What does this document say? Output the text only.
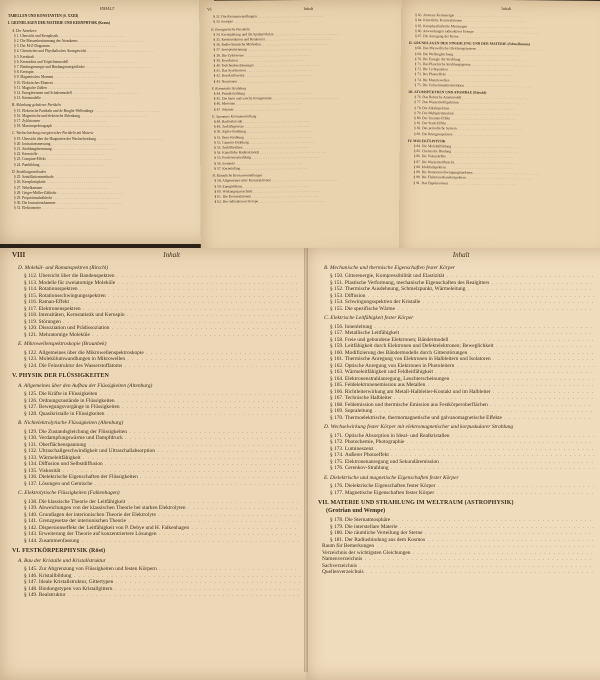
INHALT
TABELLEN UND KONSTANTEN (S. XXIII)
I. GRUNDLAGEN DER MATERIE UND KERNPHYSIK (Kraus)
A. Der Atomkern
§ 1. Übersicht und Kernphysik . . .
§ 2. Die Massenbestimmung des Atomkerns . . .
§ 3. Der M-Z-Diagramm . . .
§ 4. Chemisches und Physikalisches Atomgewicht . . .
§ 5. Kernkraft . . .
§ 6. Kernradius und Tröpfchenmodell . . .
§ 7. Bindungsenergie und Bindungsenergiefläche . . .
§ 8. Kernspin . . .
§ 9. Magnetisches Moment . . .
§ 10. Elektrisches Moment . . .
§ 11. Magische Zahlen . . .
§ 12. Energietermen und Schalenmodell . . .
§ 13. Kernmodelle . . .
B. Ablenkung geladener Partikeln
§ 15. Elektrische Partikeln und de Broglie-Wellenlänge . . .
§ 16. Magnetische und elektrische Ablenkung . . .
§ 17. Zyklotronen . . .
§ 18. Massenspektrograph . . .
C. Wechselwirkung energiereicher Partikeln mit Materie
§ 19. Übersicht über die Hauptarten der Wechselwirkung . . .
§ 20. Ionisationsmessung . . .
§ 21. Strahlungsbremsung . . .
§ 22. Kernstoffe . . .
§ 23. Compton-Effekt . . .
§ 24. Paarbildung . . .
D. Strahlungsmethoden
§ 25. Szintillationsmethode . . .
§ 26. Kernphotoplatte . . .
§ 27. Nebelkammer . . .
§ 28. Geiger-Müller-Zählrohr . . .
§ 29. Proportionalzählrohr . . .
§ 30. Die Ionisationskammer . . .
§ 31. Elektrometer . . .
VI	Inhalt
§ 32. Die Kernumwandlungen . . .
§ 33. Isotopie . . .
E. Energiereiche Partikeln
§ 34. Kernspaltung und die Spaltprodukte . . .
§ 35. Kettenreaktion und Reaktoren . . .
§ 36. Radiochemische Methoden . . .
§ 37. Isotopentrennung . . .
§ 38. Die Zyklotrone . . .
§ 39. Kernfusion . . .
§ 40. Teilchenbeschleuniger . . .
§ 41. Das Synchrotron . . .
§ 42. Kernkraftwerke . . .
§ 43. Neutronen . . .
F. Kosmische Strahlung
§ 44. Primärstrahlung . . .
§ 45. Die harte und weiche Komponente . . .
§ 46. Mesonen . . .
§ 47. Schauer . . .
G. Spontane Kernumwandlung
§ 48. Radioaktivität . . .
§ 49. Zerfallsgesetze . . .
§ 50. Alpha-Strahlung . . .
§ 51. Beta-Strahlung . . .
§ 52. Gamma-Strahlung . . .
§ 53. Zerfallsreihen . . .
§ 54. Künstliche Radioaktivität . . .
§ 55. Positronenstrahlung . . .
§ 56. Isomerie . . .
§ 57. Kerneinfang . . .
H. Künstliche Kernumwandlungen
§ 58. Allgemeines über Kernreaktionen . . .
§ 59. Energiebilanz . . .
§ 60. Wirkungsquerschnitt . . .
§ 61. Die Kernreaktionen . . .
§ 62. Die radioaktiven Isotope . . .
Inhalt
§ 63. Atomare Kernenergie . . .
§ 64. Künstliche Kernreaktionen . . .
§ 65. Kernphysikalische Messungen . . .
§ 66. Anwendungen radioaktiver Isotope . . .
§ 67. Die Anregung der Kerne . . .
II. GRUNDLAGEN DER STRAHLUNG UND DER MATERIE (Schnellmann)
§ 68. Das Maxwellsche Gleichungssystem . . .
§ 69. Die Wellengleichung . . .
§ 70. Die Energie der Strahlung . . .
§ 71. Das Plancksche Strahlungsgesetz . . .
§ 72. Die Lichtquanten . . .
§ 73. Der Photoeffekt . . .
§ 74. Die Materiewellen . . .
§ 75. Die Unbestimmtheitsrelation . . .
III. ATOMSPEKTREN UND ATOMBAU (Ritschl)
§ 76. Das Bohrsche Atommodell . . .
§ 77. Das Wasserstoffspektrum . . .
§ 78. Die Alkalispektren . . .
§ 79. Die Multiplettstruktur . . .
§ 80. Der Zeeman-Effekt . . .
§ 81. Der Stark-Effekt . . .
§ 82. Das periodische System . . .
§ 83. Die Röntgenspektren . . .
IV. MOLEKÜLPHYSIK
§ 84. Die Molekülbildung . . .
§ 85. Chemische Bindung . . .
§ 86. Die Valenzkräfte . . .
§ 87. Die Wasserstoffbrücke . . .
§ 88. Molekülspektren . . .
§ 89. Die Rotationsschwingungsspektren . . .
§ 90. Die Elektronenbandenspektren . . .
§ 91. Das Dipolmoment . . .
VIII	Inhalt
D. Molekül- und Ramanspektren (Ritschl)
§ 112. Übersicht über die Bandenspektren . . .
§ 113. Modelle für zweiatomige Moleküle . . .
§ 114. Rotationsspektren . . .
§ 115. Rotationsschwingungsspektren . . .
§ 116. Raman-Effekt . . .
§ 117. Elektronenspektren . . .
§ 118. Intensitäten, Kernstatistik und Kernspin . . .
§ 119. Störungen . . .
§ 120. Dissoziation und Prädissoziation . . .
§ 121. Mehratomige Moleküle . . .
E. Mikrowellenspektroskopie (Braunbek)
§ 122. Allgemeines über die Mikrowellenspektroskopie . . .
§ 123. Molekülumwandlungen in Mikrowellen . . .
§ 124. Die Feinstruktur des Wasserstoffatoms . . .
V. PHYSIK DER FLÜSSIGKEITEN
A. Allgemeines über den Aufbau der Flüssigkeiten (Altenburg)
§ 125. Die Kräfte in Flüssigkeiten . . .
§ 126. Ordnungszustände in Flüssigkeiten . . .
§ 127. Bewegungsvorgänge in Flüssigkeiten . . .
§ 128. Quasikristalle in Flüssigkeiten . . .
B. Nichtelektrolytische Flüssigkeiten (Altenburg)
§ 129. Die Zustandsgleichung der Flüssigkeiten . . .
§ 130. Verdampfungswärme und Dampfdruck . . .
§ 131. Oberflächenspannung . . .
§ 132. Ultraschallgeschwindigkeit und Ultraschallabsorption . . .
§ 133. Wärmeleitfähigkeit . . .
§ 134. Diffusion und Selbstdiffusion . . .
§ 135. Viskosität . . .
§ 136. Dielektrische Eigenschaften der Flüssigkeiten . . .
§ 137. Lösungen und Gemische . . .
C. Elektrolytische Flüssigkeiten (Falkenhagen)
§ 138. Die klassische Theorie der Leitfähigkeit . . .
§ 139. Abweichungen von der klassischen Theorie bei starken Elektrolyten . . .
§ 140. Grundlagen der interionischen Theorie der Elektrolyte . . .
§ 141. Grenzgesetze der interionischen Theorie . . .
§ 142. Dispersionseffekt der Leitfähigkeit von P. Debye und H. Falkenhagen . . .
§ 143. Erweiterung der Theorie auf konzentriertere Lösungen . . .
§ 144. Zusammenfassung . . .
VI. FESTKÖRPERPHYSIK (Röst)
A. Bau der Kristalle und Kristallstruktur
§ 145. Zur Abgrenzung von Flüssigkeiten und festen Körpern . . .
§ 146. Kristallbildung . . .
§ 147. Ideale Kristallstruktur, Gittertypen . . .
§ 148. Bindungstypen von Kristallgittern . . .
§ 149. Realstruktur . . .
Inhalt
B. Mechanische und thermische Eigenschaften fester Körper
§ 150. Gitterenergie, Kompressibilität und Elastizität . . .
§ 151. Plastische Verformung, mechanische Eigenschaften des Realgitters . . .
§ 152. Thermische Ausdehnung, Schmelzpunkt, Wärmeleitung . . .
§ 153. Diffusion . . .
§ 154. Schwingungsspektren der Kristalle . . .
§ 155. Die spezifische Wärme . . .
C. Elektrische Leitfähigkeit fester Körper
§ 156. Ionenleitung . . .
§ 157. Metallische Leitfähigkeit . . .
§ 158. Freie und gebundene Elektronen; Bändermodell . . .
§ 159. Leitfähigkeit durch Elektronen und Defektelektronen; Beweglichkeit . . .
§ 160. Modifizierung des Bändermodells durch Gitterstörungen . . .
§ 161. Thermische Anregung von Elektronen in Halbleitern und Isolatoren . . .
§ 162. Optische Anregung von Elektronen in Photoleitern . . .
§ 163. Wärmeleitfähigkeit und Feldleitfähigkeit . . .
§ 164. Elektronenstrahlanregung, Leuchterscheinungen . . .
§ 165. Feldelektronenemission aus Metallen . . .
§ 166. Richtleiterwirkung am Metall-Halbleiter-Kontakt und im Halbleiter . . .
§ 167. Technische Halbleiter . . .
§ 168. Feldemission und thermische Emission aus Festkörperoberflächen . . .
§ 169. Supraleitung . . .
§ 170. Thermoelektrische, thermomagnetische und galvanomagnetische Effekte . . .
D. Wechselwirkung fester Körper mit elektromagnetischer und korpuskularer Strahlung
§ 171. Optische Absorption in Ideal- und Realkristallen . . .
§ 172. Photochemie, Photographie . . .
§ 173. Lumineszenz . . .
§ 174. Äußerer Photoeffekt . . .
§ 175. Elektronenanregung und Sekundäremission . . .
§ 176. Cerenkov-Strahlung . . .
E. Dielektrische und magnetische Eigenschaften fester Körper
§ 176. Dielektrische Eigenschaften fester Körper . . .
§ 177. Magnetische Eigenschaften fester Körper . . .
VII. MATERIE UND STRAHLUNG IM WELTRAUM (ASTROPHYSIK)
(Grotrian und Wempe)
§ 178. Die Sternatmosphäre . . .
§ 179. Die interstellare Materie . . .
§ 180. Die räumliche Verteilung der Sterne . . .
§ 181. Der Radiusbindung aus dem Kosmos . . .
Raum für Bemerkungen . . .
Verzeichnis der wichtigsten Gleichungen . . .
Namenverzeichnis . . .
Sachverzeichnis . . .
Quellenverzeichnis . . .
